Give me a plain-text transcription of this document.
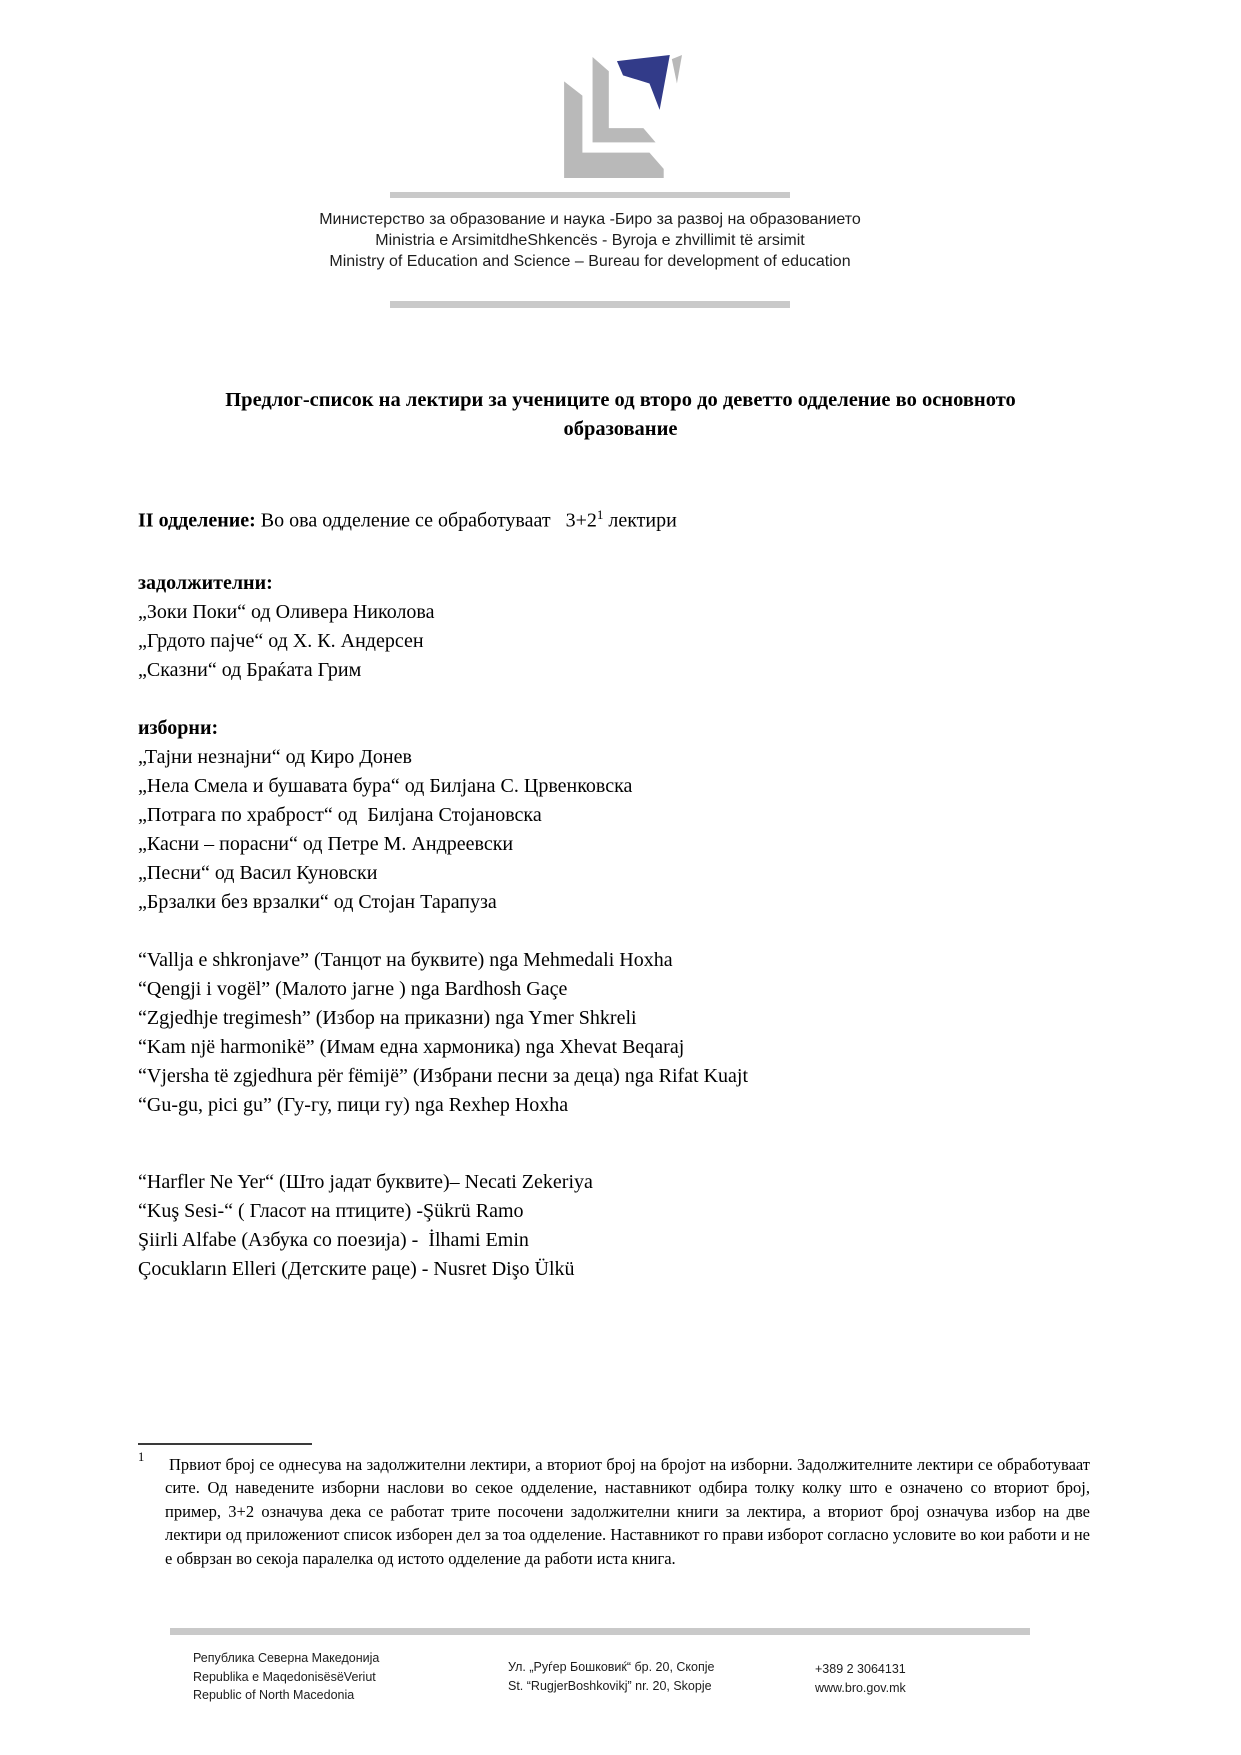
Министерство за образование и наука -Биро за развој на образованието
Ministria e ArsimitdheShkencës - Byroja e zhvillimit të arsimit
Ministry of Education and Science – Bureau for development of education
Предлог-список на лектири за учениците од второ до деветто одделение во основното образование

II одделение: Во ова одделение се обработуваат   $3+2^1$ лектири

задолжителни:
„Зоки Поки“ од Оливера Николова
„Грдото пајче“ од Х. К. Андерсен
„Сказни“ од Браќата Грим
изборни:
„Тајни незнајни“ од Киро Донев
„Нела Смела и бушавата бура“ од Билјана С. Црвенковска
„Потрага по храброст“ од  Билјана Стојановска
„Касни – порасни“ од Петре М. Андреевски
„Песни“ од Васил Куновски
„Брзалки без врзалки“ од Стојан Тарапуза
“Vallja e shkronjave” (Танцот на буквите) nga Mehmedali Hoxha
“Qengji i vogël” (Малото јагне ) nga Bardhosh Gaçe
“Zgjedhje tregimesh” (Избор на приказни) nga Ymer Shkreli
“Kam një harmonikë” (Имам една хармоника) nga Xhevat Beqaraj
“Vjersha të zgjedhura për fëmijë” (Избрани песни за деца) nga Rifat Kuajt
“Gu-gu, pici gu” (Гу-гу, пици гу) nga Rexhep Hoxha
“Harfler Ne Yer“ (Што јадат буквите)– Necati Zekeriya
“Kuş Sesi-“ ( Гласот на птиците) -Şükrü Ramo
Şiirli Alfabe (Азбука со поезија) -  İlhami Emin
Çocukların Elleri (Детските раце) - Nusret Dişo Ülkü
1 Првиот број се однесува на задолжителни лектири, а вториот број на бројот на изборни. Задолжителните лектири се обработуваат сите. Од наведените изборни наслови во секое одделение, наставникот одбира толку колку што е означено со вториот број, пример, 3+2 означува дека се работат трите посочени задолжителни книги за лектира, а вториот број означува избор на две лектири од приложениот список изборен дел за тоа одделение. Наставникот го прави изборот согласно условите во кои работи и не е обврзан во секоја паралелка од истото одделение да работи иста книга.
Република Северна Македонија
Republika e MaqedonisësëVeriut
Republic of North Macedonia
Ул. „Руѓер Бошковиќ“ бр. 20, Скопје
St. “RugjerBoshkovikj” nr. 20, Skopje
+389 2 3064131
www.bro.gov.mk
